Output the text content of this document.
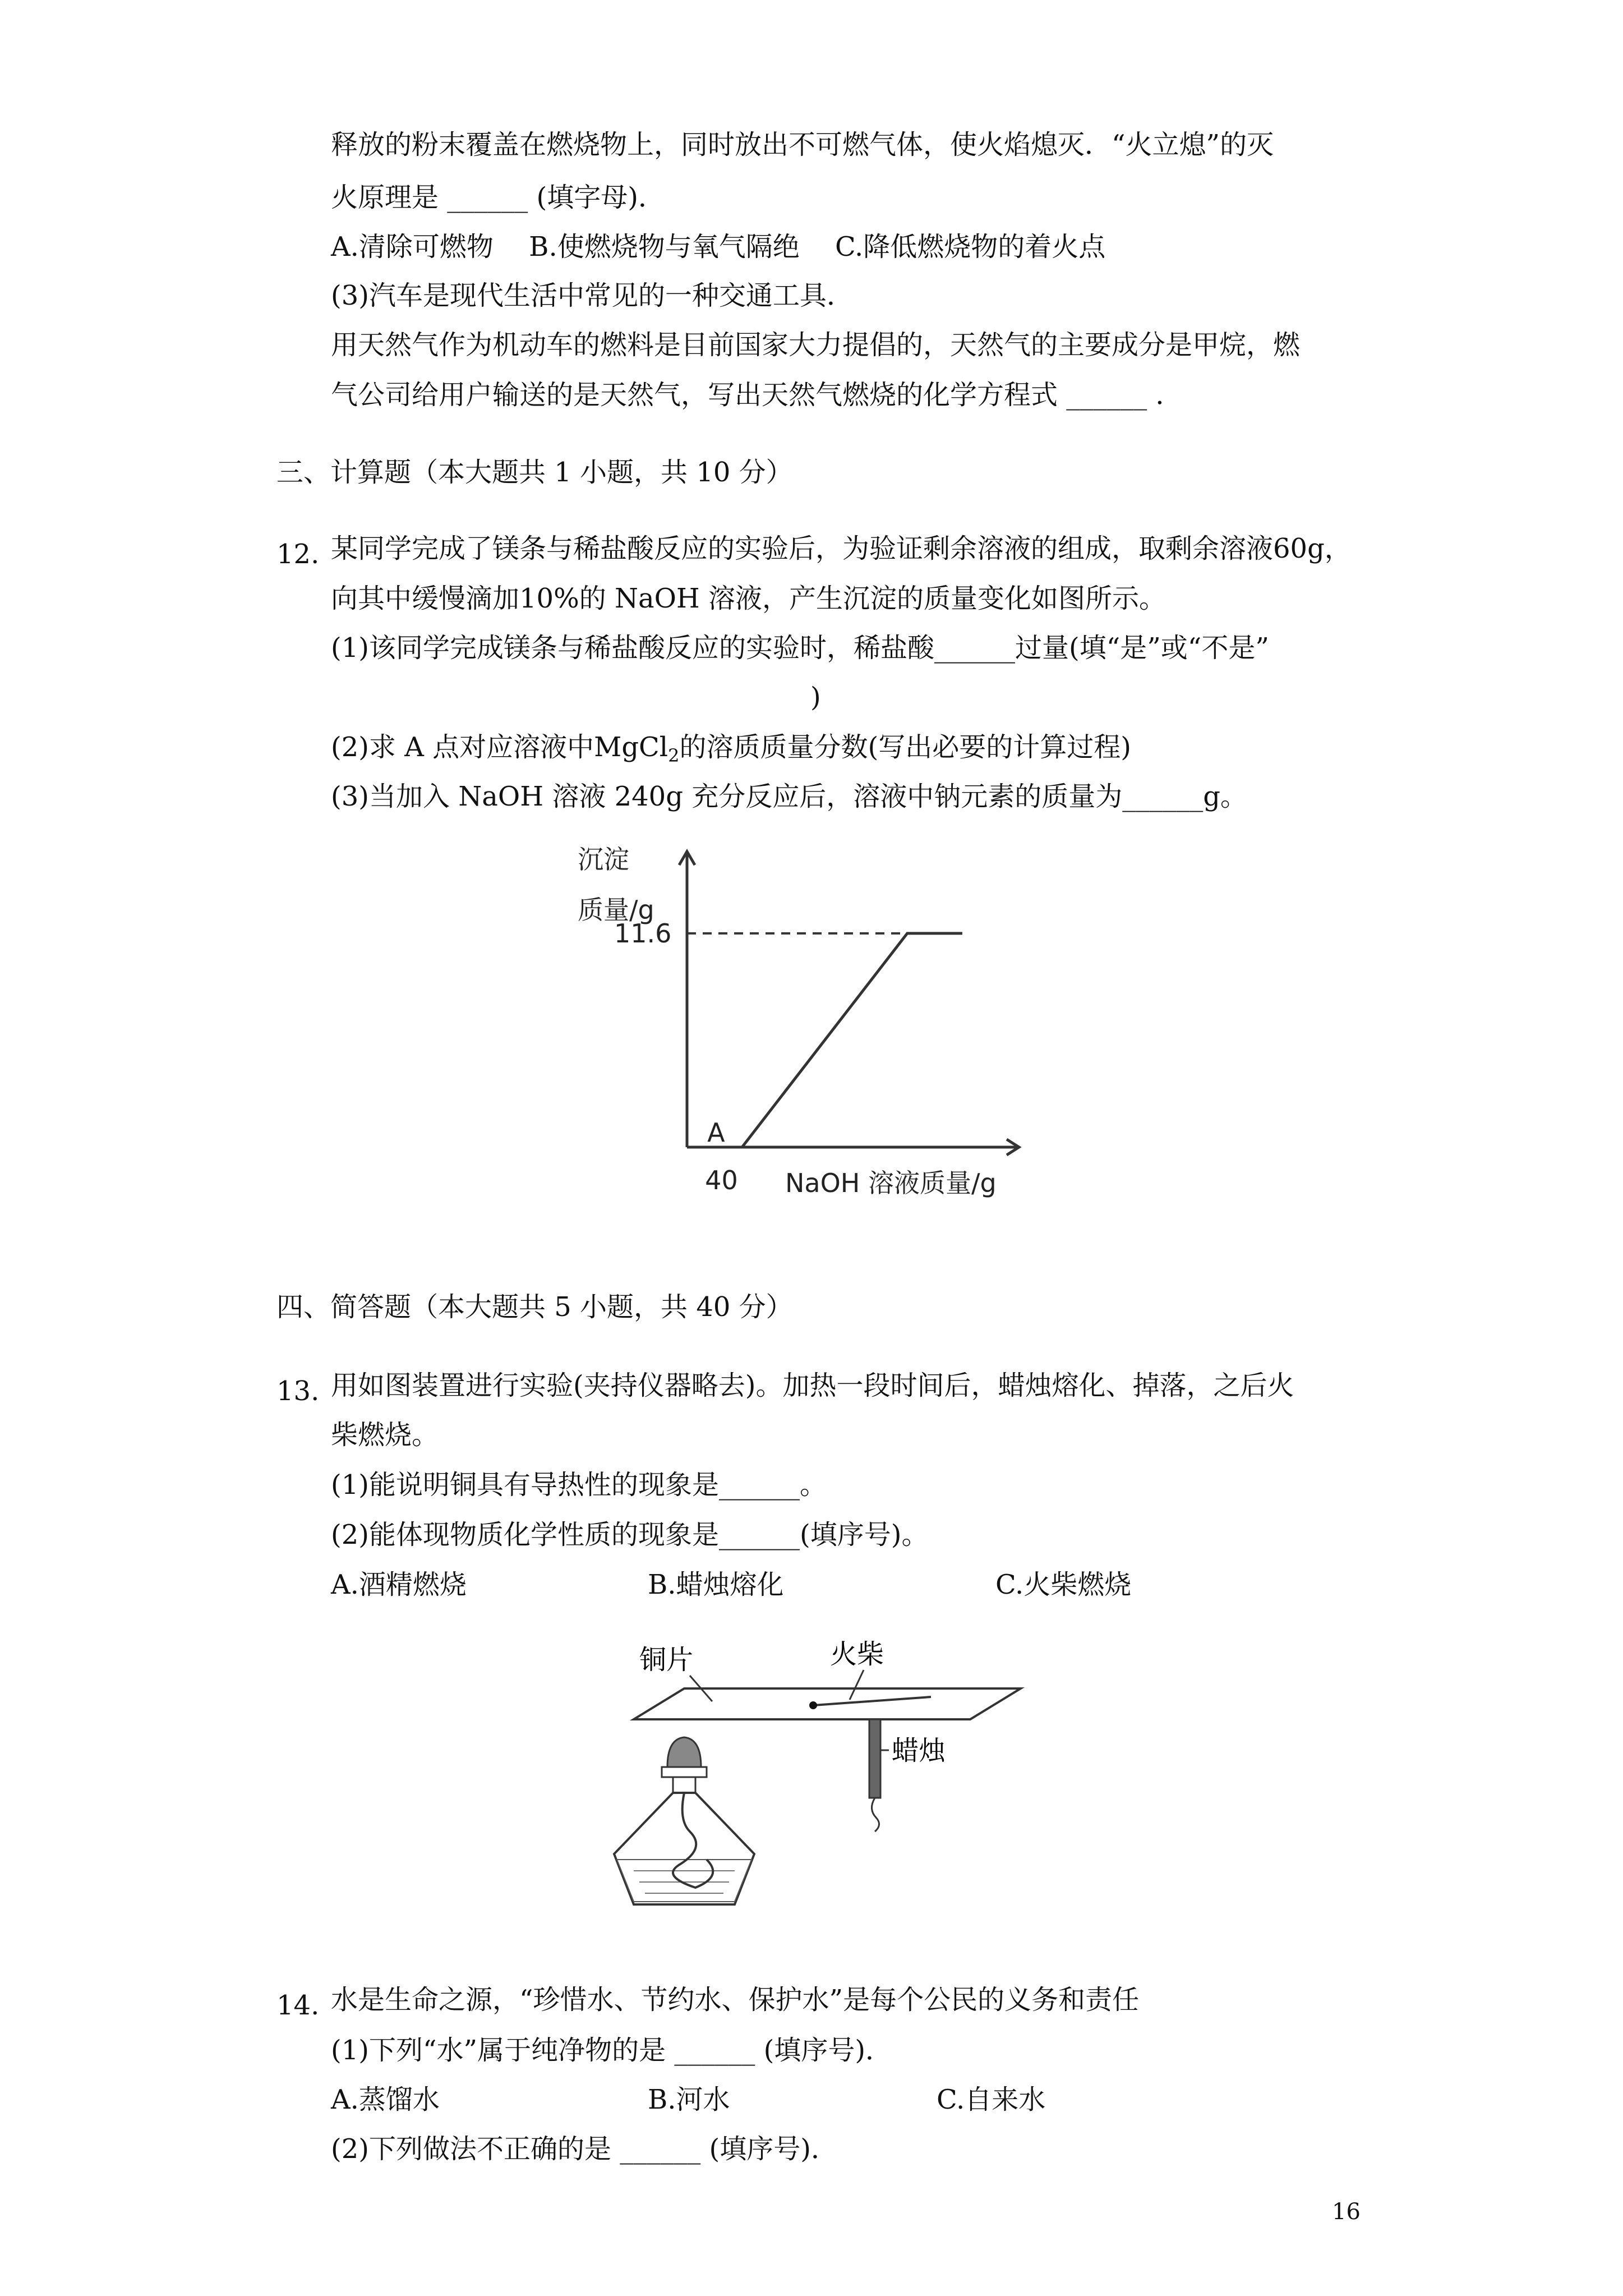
释放的粉末覆盖在燃烧物上，同时放出不可燃气体，使火焰熄灭．“火立熄”的灭
火原理是 ______ (填字母)．
A.清除可燃物　 B.使燃烧物与氧气隔绝　 C.降低燃烧物的着火点
(3)汽车是现代生活中常见的一种交通工具．
用天然气作为机动车的燃料是目前国家大力提倡的，天然气的主要成分是甲烷，燃
气公司给用户输送的是天然气，写出天然气燃烧的化学方程式 ______ ．
三、计算题（本大题共 1 小题，共 10 分）
12. 某同学完成了镁条与稀盐酸反应的实验后，为验证剩余溶液的组成，取剩余溶液60g，
向其中缓慢滴加10%的 NaOH 溶液，产生沉淀的质量变化如图所示。
(1)该同学完成镁条与稀盐酸反应的实验时，稀盐酸______过量(填“是”或“不是”
)
(2)求 A 点对应溶液中MgCl$_2$的溶质质量分数(写出必要的计算过程)
(3)当加入 NaOH 溶液 240g 充分反应后，溶液中钠元素的质量为______g。
沉淀
质量/g
11.6
A
40 NaOH 溶液质量/g
四、简答题（本大题共 5 小题，共 40 分）
13. 用如图装置进行实验(夹持仪器略去)。加热一段时间后，蜡烛熔化、掉落，之后火
柴燃烧。
(1)能说明铜具有导热性的现象是______。
(2)能体现物质化学性质的现象是______(填序号)。
A.酒精燃烧	B.蜡烛熔化	C.火柴燃烧
铜片	火柴
蜡烛
14. 水是生命之源，“珍惜水、节约水、保护水”是每个公民的义务和责任
(1)下列“水”属于纯净物的是 ______ (填序号)．
A.蒸馏水	B.河水	C.自来水
(2)下列做法不正确的是 ______ (填序号)．
16
